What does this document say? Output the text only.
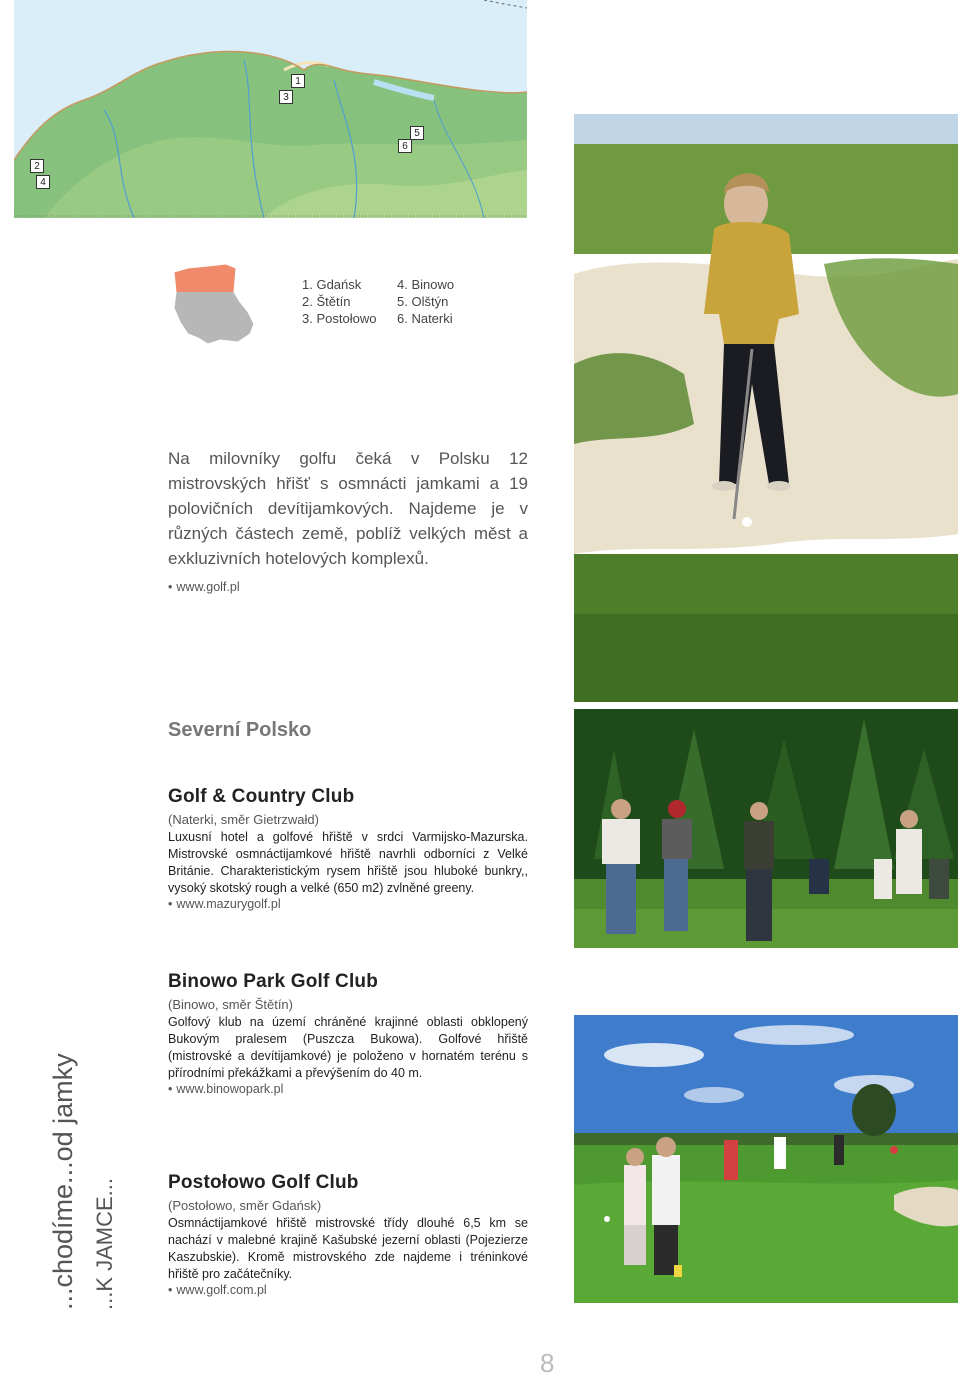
1
3
5
6
2
4
1. Gdańsk
2. Štětín
3. Postołowo
4. Binowo
5. Olštýn
6. Naterki
Na milovníky golfu čeká v Polsku 12 mistrovských hřišť s osmnácti jamkami a 19 polovičních devítijamkových. Najdeme je v různých částech země, poblíž velkých měst a exkluzivních hotelových komplexů.
• www.golf.pl
Severní Polsko
Golf & Country Club
(Naterki, směr Gietrzwałd)
Luxusní hotel a golfové hřiště v srdci Varmijsko-Mazurska. Mistrovské osmnáctijamkové hřiště navrhli odborníci z Velké Británie. Charakteristickým rysem hřiště jsou hluboké bunkry,, vysoký skotský rough a velké (650 m2) zvlněné greeny.
• www.mazurygolf.pl
Binowo Park Golf Club
(Binowo, směr Štětín)
Golfový klub na území chráněné krajinné oblasti obklopený Bukovým pralesem (Puszcza Bukowa). Golfové hřiště (mistrovské a devítijamkové) je položeno v hornatém terénu s přírodními překážkami a převýšením do 40 m.
• www.binowopark.pl
Postołowo Golf Club
(Postołowo, směr Gdańsk)
Osmnáctijamkové hřiště mistrovské třídy dlouhé 6,5 km se nachází v malebné krajině Kašubské jezerní oblasti (Pojezierze Kaszubskie). Kromě mistrovského zde najdeme i tréninkové hřiště pro začátečníky.
• www.golf.com.pl
...chodíme...od jamky ...K JAMCE...
8
